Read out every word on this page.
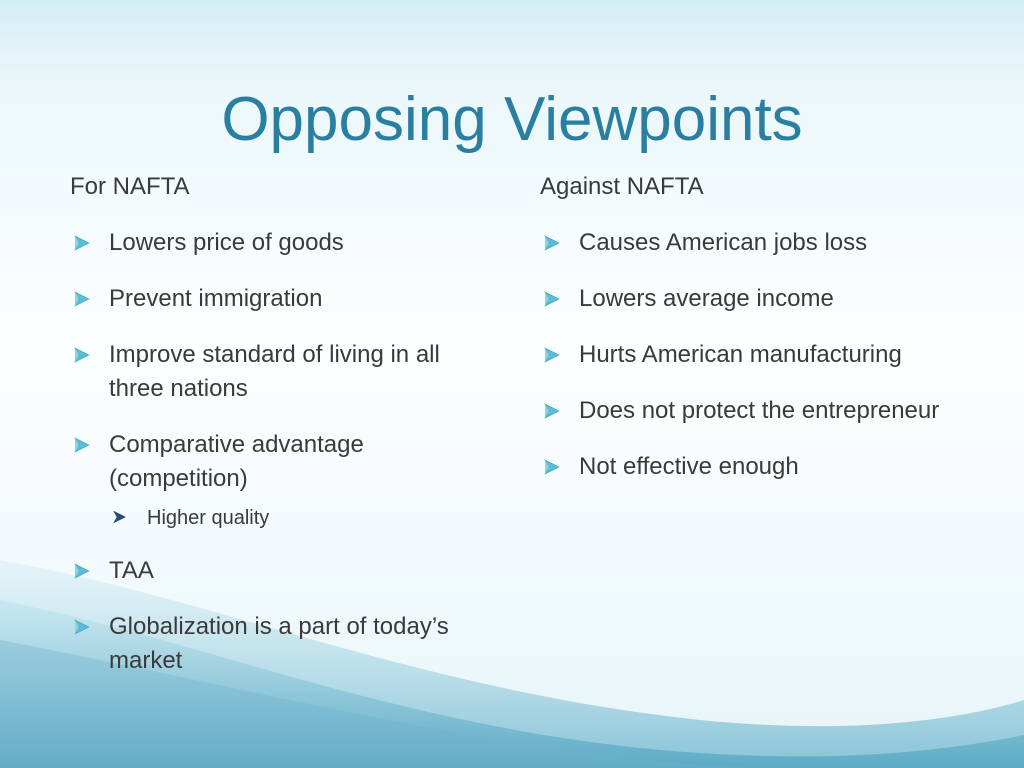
Opposing Viewpoints
For NAFTA
Lowers price of goods
Prevent immigration
Improve standard of living in all three nations
Comparative advantage (competition)
Higher quality
TAA
Globalization is a part of today’s market
Against NAFTA
Causes American jobs loss
Lowers average income
Hurts American manufacturing
Does not protect the entrepreneur
Not effective enough
